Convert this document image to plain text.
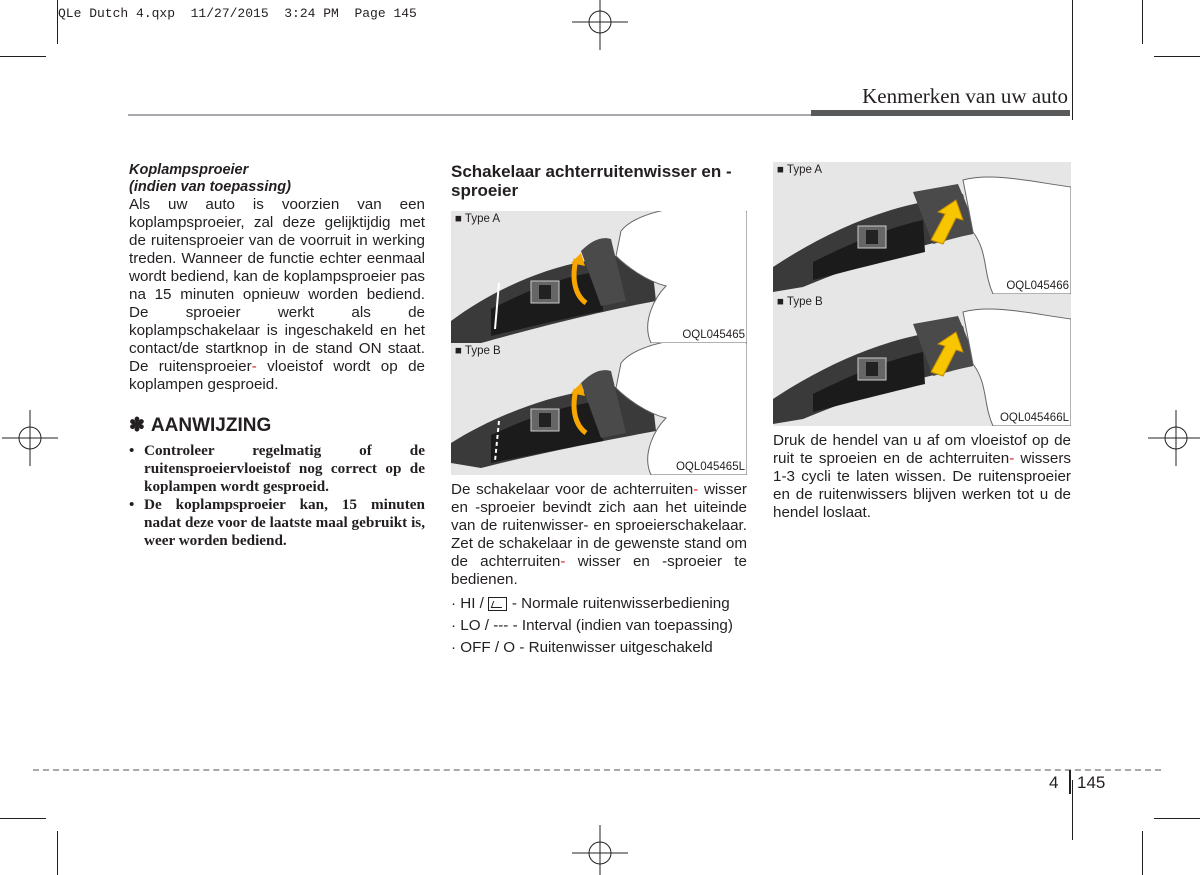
QLe Dutch 4.qxp  11/27/2015  3:24 PM  Page 145
Kenmerken van uw auto
Koplampsproeier
(indien van toepassing)

Als uw auto is voorzien van een koplampsproeier, zal deze gelijktijdig met de ruitensproeier van de voorruit in werking treden. Wanneer de functie echter eenmaal wordt bediend, kan de koplampsproeier pas na 15 minuten opnieuw worden bediend. De sproeier werkt als de koplampschakelaar is ingeschakeld en het contact/de startknop in de stand ON staat. De ruitensproeier- vloeistof wordt op de koplampen gesproeid.

✽ AANWIJZING
• Controleer regelmatig of de ruitensproeiervloeistof nog correct op de koplampen wordt gesproeid.
• De koplampsproeier kan, 15 minuten nadat deze voor de laatste maal gebruikt is, weer worden bediend.
Schakelaar achterruitenwisser en -sproeier
■ Type A
OQL045465
■ Type B
OQL045465L

De schakelaar voor de achterruiten- wisser en -sproeier bevindt zich aan het uiteinde van de ruitenwisser- en sproeierschakelaar. Zet de schakelaar in de gewenste stand om de achterruiten- wisser en -sproeier te bedienen.

· HI / - Normale ruitenwisserbediening
· LO / --- - Interval (indien van toepassing)
· OFF / O - Ruitenwisser uitgeschakeld
■ Type A
OQL045466
■ Type B
OQL045466L

Druk de hendel van u af om vloeistof op de ruit te sproeien en de achterruiten- wissers 1-3 cycli te laten wissen. De ruitensproeier en de ruitenwissers blijven werken tot u de hendel loslaat.

4 145
